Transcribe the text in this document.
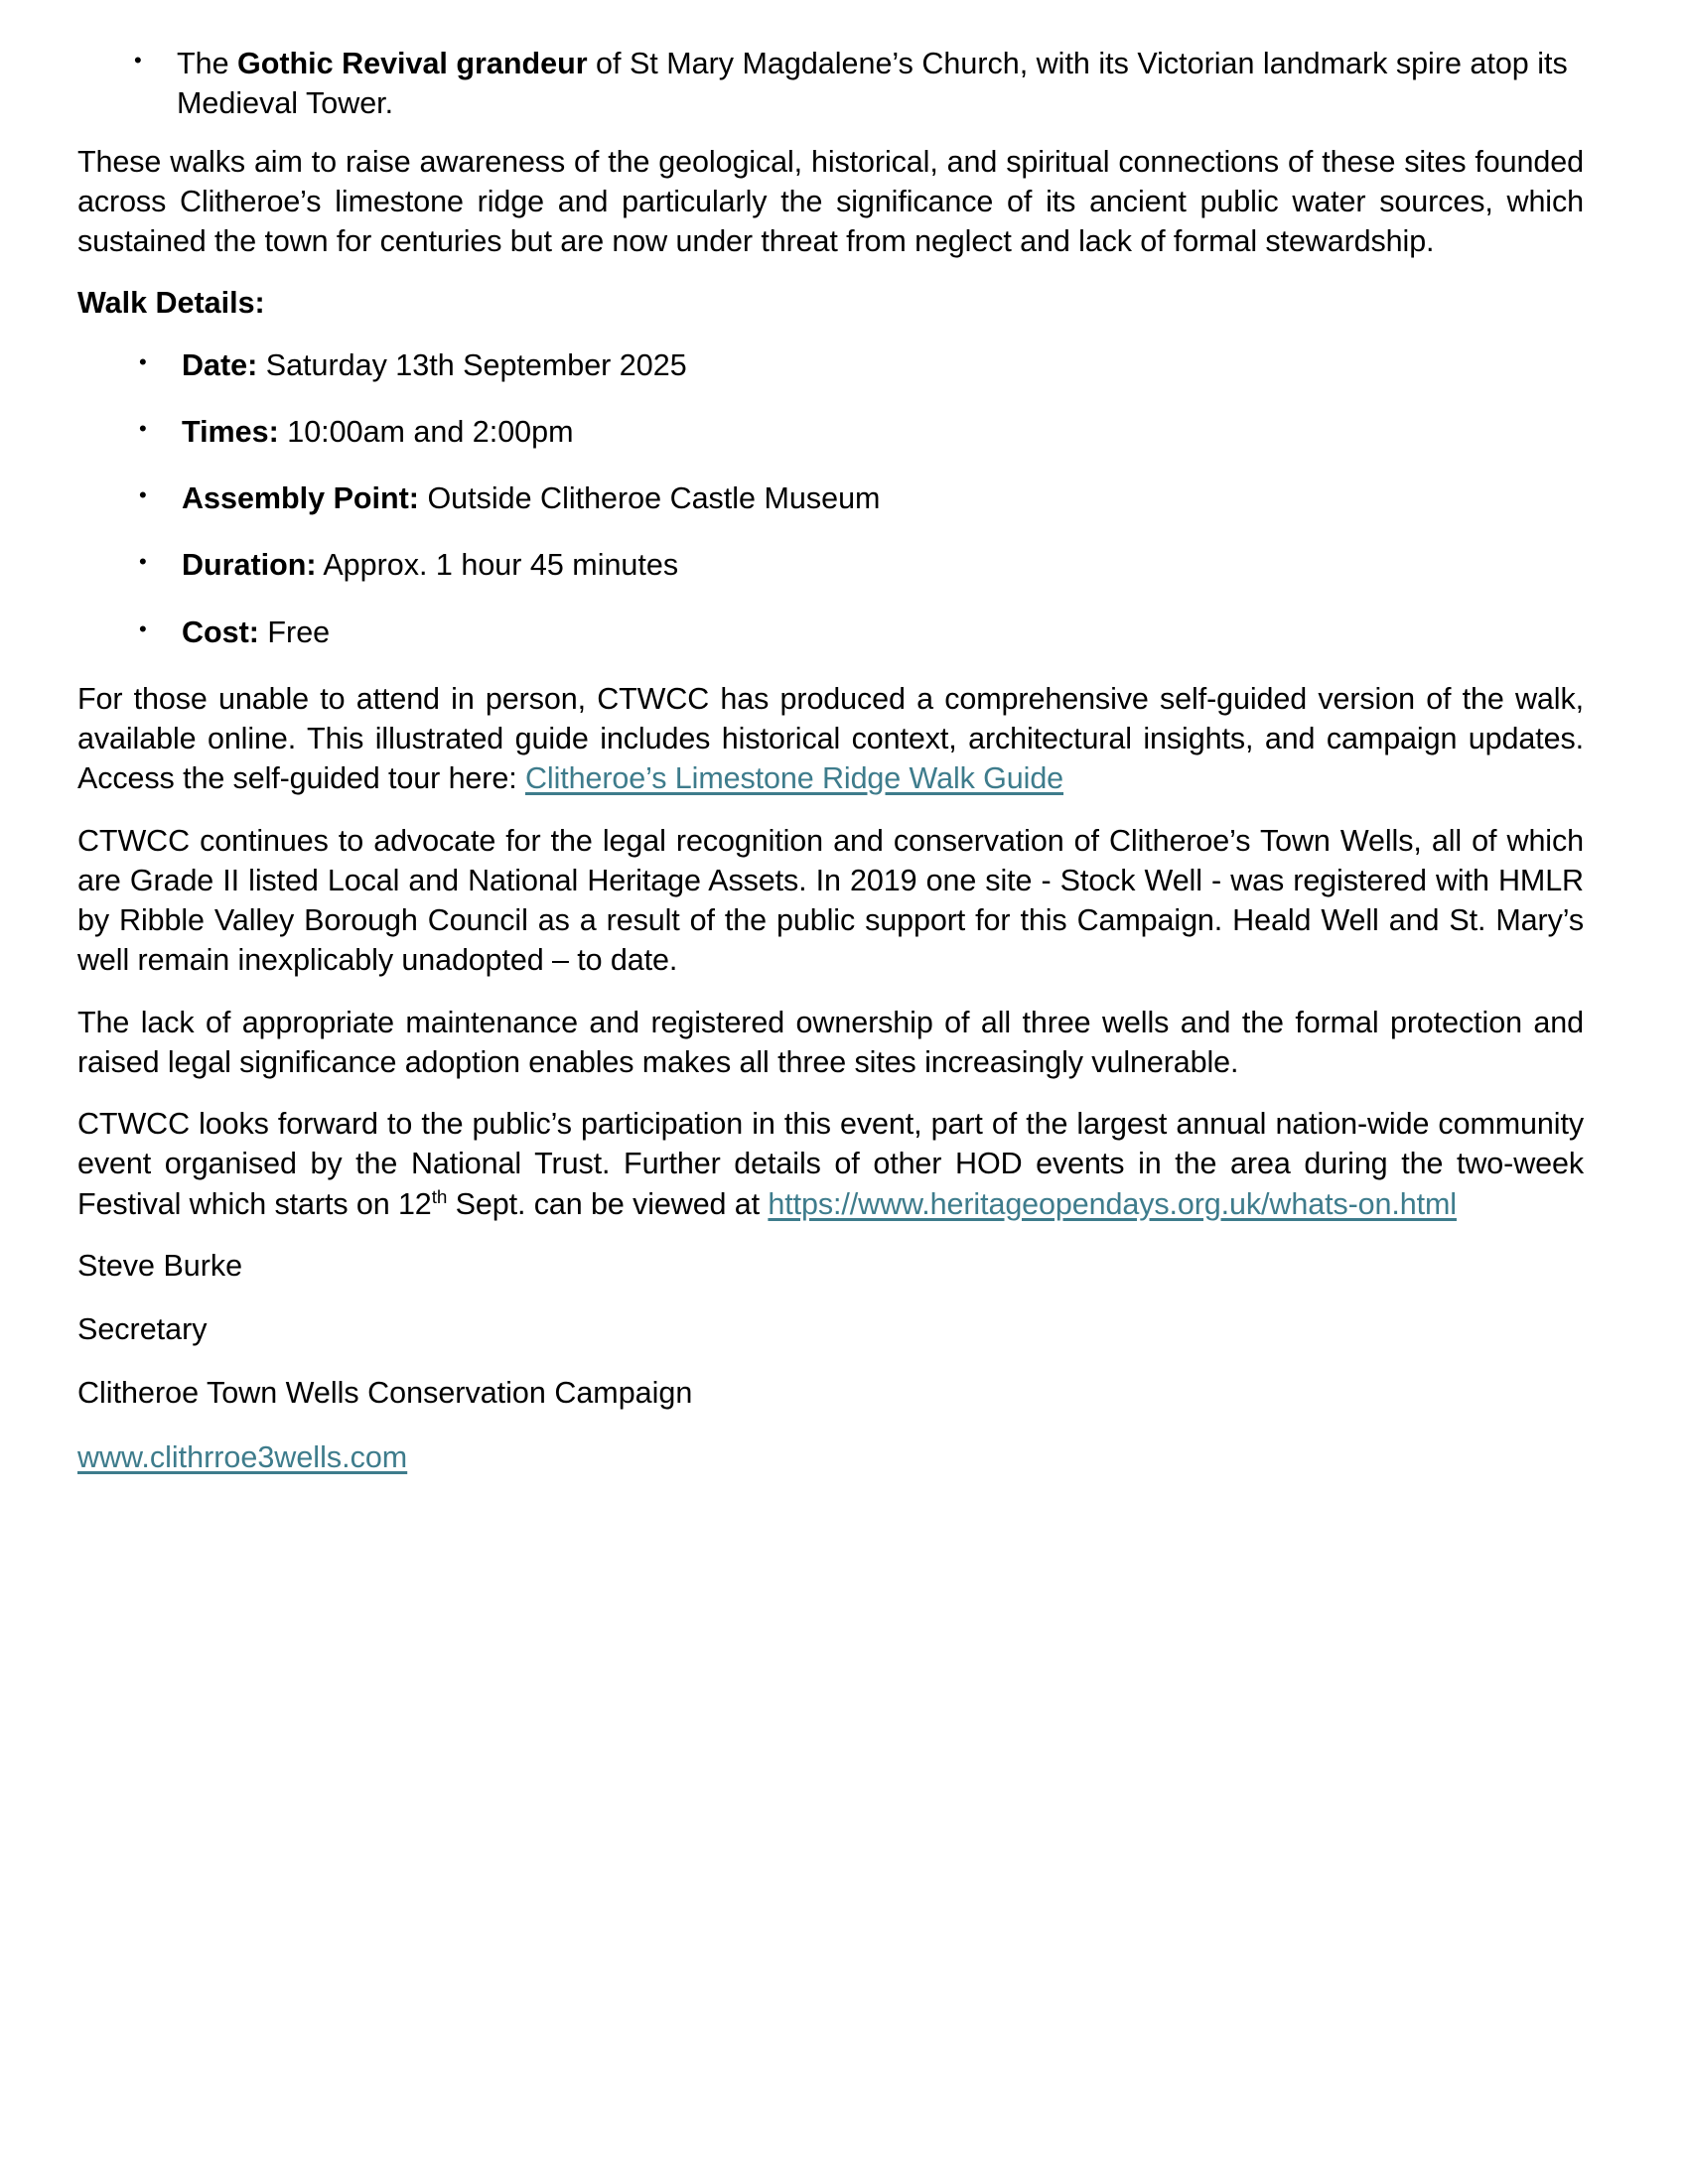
• The Gothic Revival grandeur of St Mary Magdalene’s Church, with its Victorian landmark spire atop its Medieval Tower.

These walks aim to raise awareness of the geological, historical, and spiritual connections of these sites founded across Clitheroe’s limestone ridge and particularly the significance of its ancient public water sources, which sustained the town for centuries but are now under threat from neglect and lack of formal stewardship.

Walk Details:
• Date: Saturday 13th September 2025
• Times: 10:00am and 2:00pm
• Assembly Point: Outside Clitheroe Castle Museum
• Duration: Approx. 1 hour 45 minutes
• Cost: Free

For those unable to attend in person, CTWCC has produced a comprehensive self-guided version of the walk, available online. This illustrated guide includes historical context, architectural insights, and campaign updates. Access the self-guided tour here: Clitheroe’s Limestone Ridge Walk Guide

CTWCC continues to advocate for the legal recognition and conservation of Clitheroe’s Town Wells, all of which are Grade II listed Local and National Heritage Assets. In 2019 one site - Stock Well - was registered with HMLR by Ribble Valley Borough Council as a result of the public support for this Campaign. Heald Well and St. Mary’s well remain inexplicably unadopted – to date.

The lack of appropriate maintenance and registered ownership of all three wells and the formal protection and raised legal significance adoption enables makes all three sites increasingly vulnerable.

CTWCC looks forward to the public’s participation in this event, part of the largest annual nation-wide community event organised by the National Trust. Further details of other HOD events in the area during the two-week Festival which starts on 12th Sept. can be viewed at https://www.heritageopendays.org.uk/whats-on.html

Steve Burke
Secretary
Clitheroe Town Wells Conservation Campaign
www.clithrroe3wells.com
